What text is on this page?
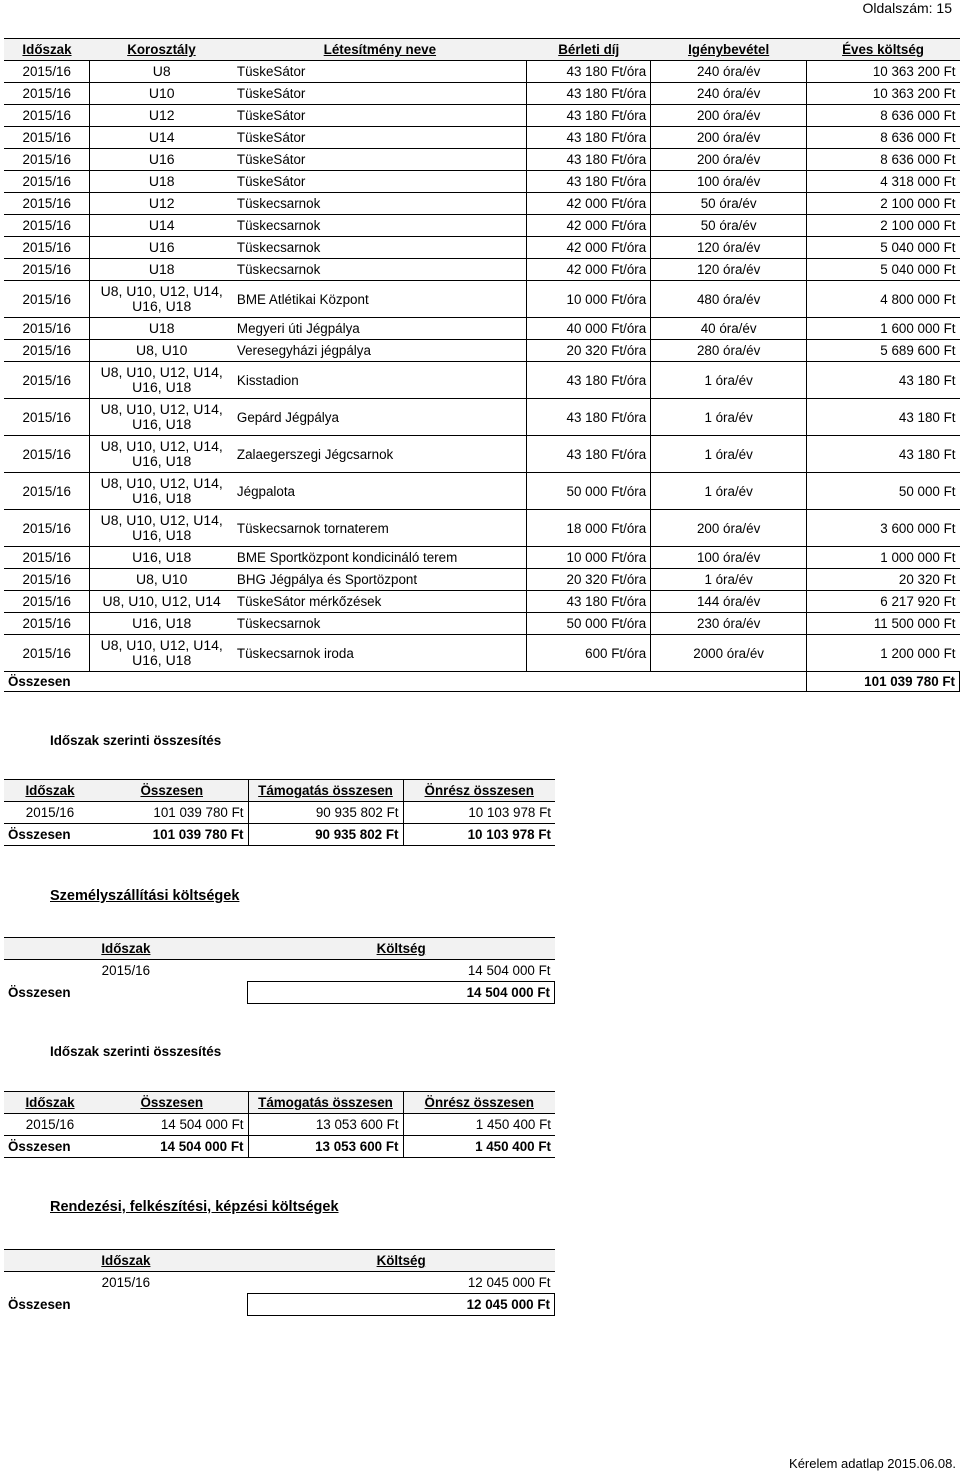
Oldalszám: 15
Időszak	Korosztály	Létesítmény neve	Bérleti díj	Igénybevétel	Éves költség
2015/16	U8	TüskeSátor	43 180 Ft/óra	240 óra/év	10 363 200 Ft
2015/16	U10	TüskeSátor	43 180 Ft/óra	240 óra/év	10 363 200 Ft
2015/16	U12	TüskeSátor	43 180 Ft/óra	200 óra/év	8 636 000 Ft
2015/16	U14	TüskeSátor	43 180 Ft/óra	200 óra/év	8 636 000 Ft
2015/16	U16	TüskeSátor	43 180 Ft/óra	200 óra/év	8 636 000 Ft
2015/16	U18	TüskeSátor	43 180 Ft/óra	100 óra/év	4 318 000 Ft
2015/16	U12	Tüskecsarnok	42 000 Ft/óra	50 óra/év	2 100 000 Ft
2015/16	U14	Tüskecsarnok	42 000 Ft/óra	50 óra/év	2 100 000 Ft
2015/16	U16	Tüskecsarnok	42 000 Ft/óra	120 óra/év	5 040 000 Ft
2015/16	U18	Tüskecsarnok	42 000 Ft/óra	120 óra/év	5 040 000 Ft
2015/16	U8, U10, U12, U14,
U16, U18	BME Atlétikai Központ	10 000 Ft/óra	480 óra/év	4 800 000 Ft
2015/16	U18	Megyeri úti Jégpálya	40 000 Ft/óra	40 óra/év	1 600 000 Ft
2015/16	U8, U10	Veresegyházi jégpálya	20 320 Ft/óra	280 óra/év	5 689 600 Ft
2015/16	U8, U10, U12, U14,
U16, U18	Kisstadion	43 180 Ft/óra	1 óra/év	43 180 Ft
2015/16	U8, U10, U12, U14,
U16, U18	Gepárd Jégpálya	43 180 Ft/óra	1 óra/év	43 180 Ft
2015/16	U8, U10, U12, U14,
U16, U18	Zalaegerszegi Jégcsarnok	43 180 Ft/óra	1 óra/év	43 180 Ft
2015/16	U8, U10, U12, U14,
U16, U18	Jégpalota	50 000 Ft/óra	1 óra/év	50 000 Ft
2015/16	U8, U10, U12, U14,
U16, U18	Tüskecsarnok tornaterem	18 000 Ft/óra	200 óra/év	3 600 000 Ft
2015/16	U16, U18	BME Sportközpont kondicináló terem	10 000 Ft/óra	100 óra/év	1 000 000 Ft
2015/16	U8, U10	BHG Jégpálya és Sportözpont	20 320 Ft/óra	1 óra/év	20 320 Ft
2015/16	U8, U10, U12, U14	TüskeSátor mérkőzések	43 180 Ft/óra	144 óra/év	6 217 920 Ft
2015/16	U16, U18	Tüskecsarnok	50 000 Ft/óra	230 óra/év	11 500 000 Ft
2015/16	U8, U10, U12, U14,
U16, U18	Tüskecsarnok iroda	600 Ft/óra	2000 óra/év	1 200 000 Ft
Összesen					101 039 780 Ft
Időszak szerinti összesítés
Időszak	Összesen	Támogatás összesen	Önrész összesen
2015/16	101 039 780 Ft	90 935 802 Ft	10 103 978 Ft
Összesen	101 039 780 Ft	90 935 802 Ft	10 103 978 Ft
Személyszállítási költségek
Időszak	Költség
2015/16	14 504 000 Ft
Összesen	14 504 000 Ft
Időszak szerinti összesítés
Időszak	Összesen	Támogatás összesen	Önrész összesen
2015/16	14 504 000 Ft	13 053 600 Ft	1 450 400 Ft
Összesen	14 504 000 Ft	13 053 600 Ft	1 450 400 Ft
Rendezési, felkészítési, képzési költségek
Időszak	Költség
2015/16	12 045 000 Ft
Összesen	12 045 000 Ft
Kérelem adatlap 2015.06.08.
